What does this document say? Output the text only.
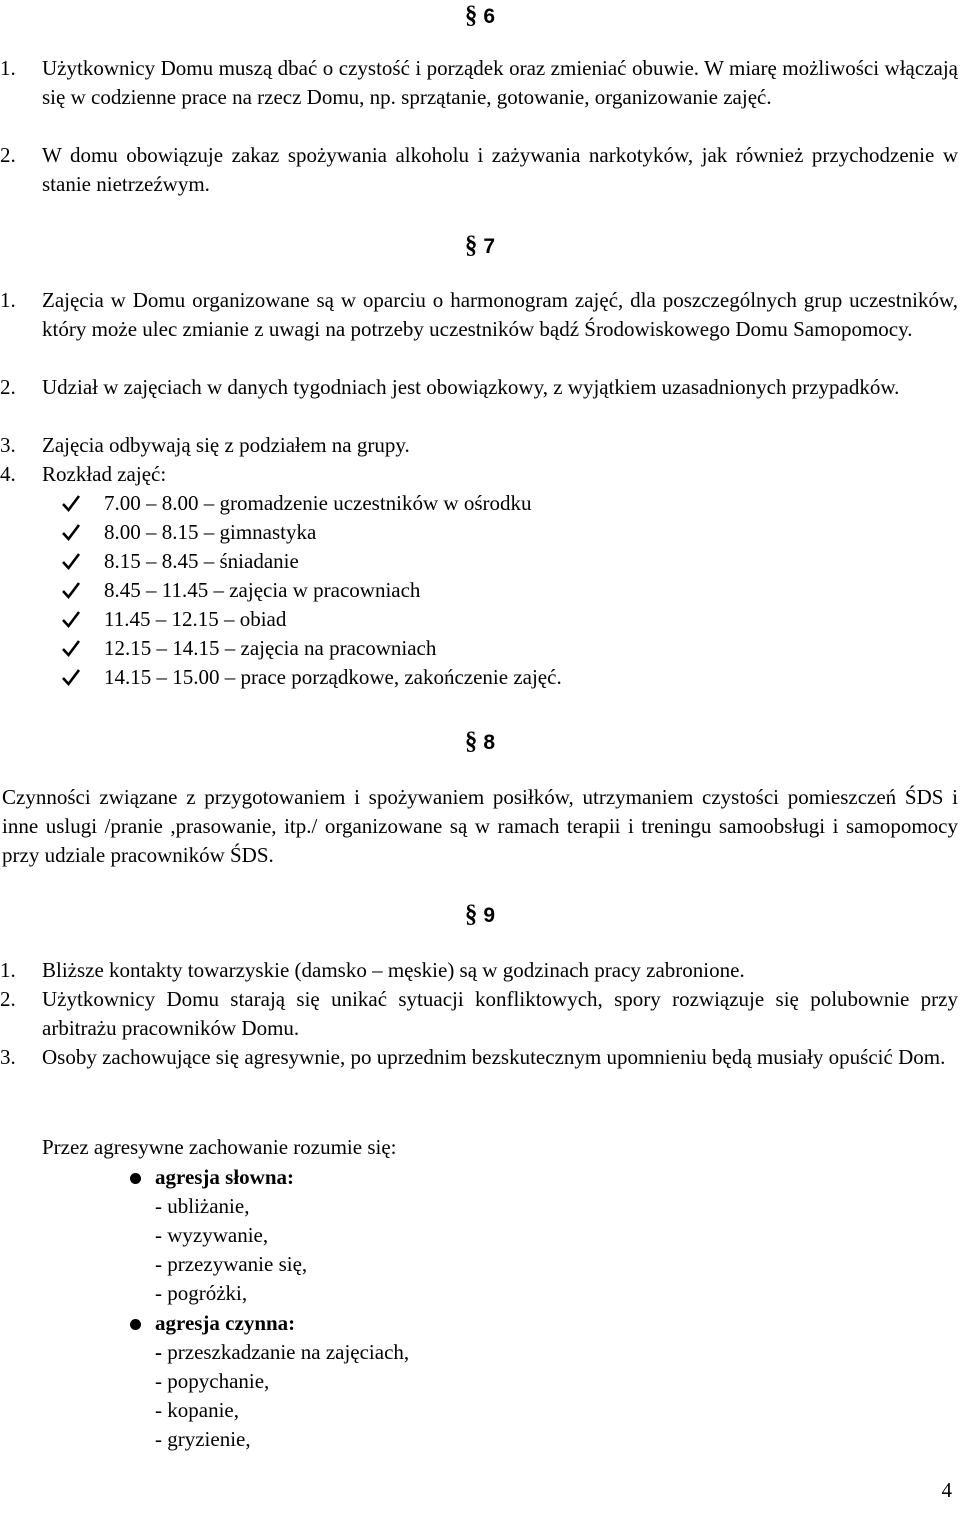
§ 6
1.	Użytkownicy Domu muszą dbać o czystość i porządek oraz zmieniać obuwie. W miarę możliwości włączają się w codzienne prace na rzecz Domu, np. sprzątanie, gotowanie, organizowanie zajęć.
2.	W domu obowiązuje zakaz spożywania alkoholu i zażywania narkotyków, jak również przychodzenie w stanie nietrzeźwym.
§ 7
1.	Zajęcia w Domu organizowane są w oparciu o harmonogram zajęć, dla poszczególnych grup uczestników, który może ulec zmianie z uwagi na potrzeby uczestników bądź Środowiskowego Domu Samopomocy.
2.	Udział w zajęciach w danych tygodniach jest obowiązkowy, z wyjątkiem uzasadnionych przypadków.
3.	Zajęcia odbywają się z podziałem na grupy.
4.	Rozkład zajęć:
7.00 – 8.00 – gromadzenie uczestników w ośrodku
8.00 – 8.15 – gimnastyka
8.15 – 8.45 – śniadanie
8.45 – 11.45 – zajęcia w pracowniach
11.45 – 12.15 – obiad
12.15 – 14.15 – zajęcia na pracowniach
14.15 – 15.00 – prace porządkowe, zakończenie zajęć.
§ 8
Czynności związane z przygotowaniem i spożywaniem posiłków, utrzymaniem czystości pomieszczeń ŚDS i inne uslugi /pranie ,prasowanie, itp./ organizowane są w ramach terapii i treningu samoobsługi i samopomocy przy udziale pracowników ŚDS.
§ 9
1.	Bliższe kontakty towarzyskie (damsko – męskie) są w godzinach pracy zabronione.
2.	Użytkownicy Domu starają się unikać sytuacji konfliktowych, spory rozwiązuje się polubownie przy arbitrażu pracowników Domu.
3.	Osoby zachowujące się agresywnie, po uprzednim bezskutecznym upomnieniu będą musiały opuścić Dom.
Przez agresywne zachowanie rozumie się:
agresja słowna:
- ubliżanie,
- wyzywanie,
- przezywanie się,
- pogróżki,
agresja czynna:
- przeszkadzanie na zajęciach,
- popychanie,
- kopanie,
- gryzienie,
4
